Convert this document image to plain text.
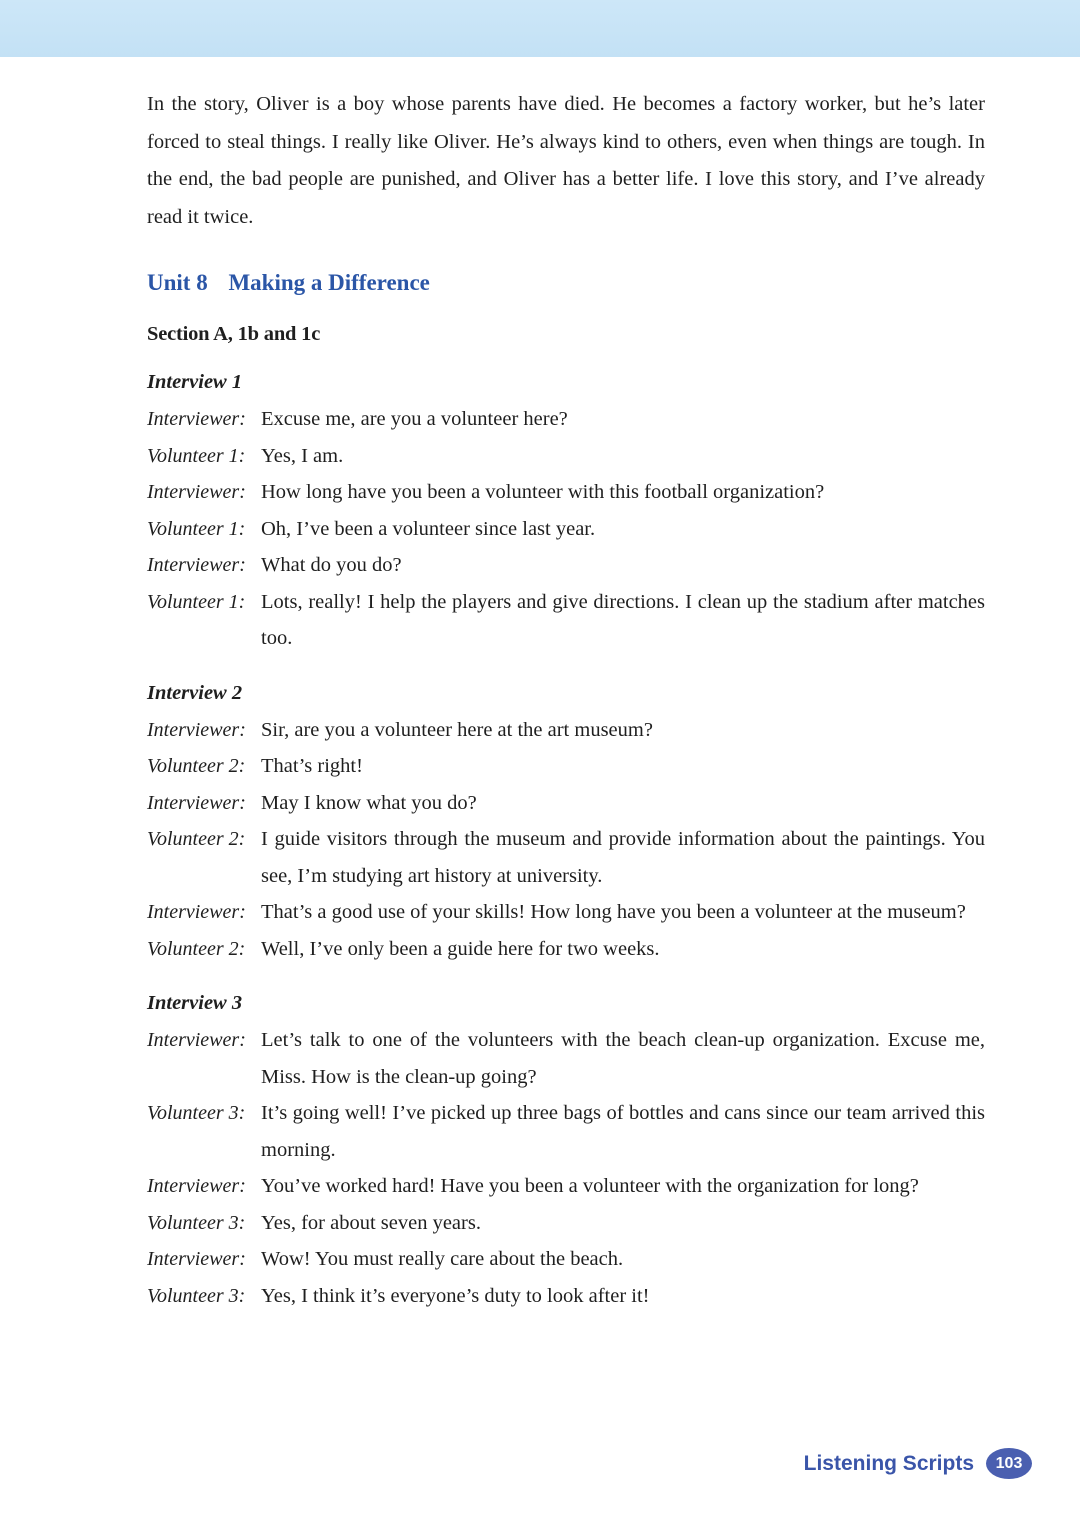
In the story, Oliver is a boy whose parents have died. He becomes a factory worker, but he’s later forced to steal things. I really like Oliver. He’s always kind to others, even when things are tough. In the end, the bad people are punished, and Oliver has a better life. I love this story, and I’ve already read it twice.

Unit 8 Making a Difference
Section A, 1b and 1c
Interview 1
Interviewer: Excuse me, are you a volunteer here?
Volunteer 1: Yes, I am.
Interviewer: How long have you been a volunteer with this football organization?
Volunteer 1: Oh, I’ve been a volunteer since last year.
Interviewer: What do you do?
Volunteer 1: Lots, really! I help the players and give directions. I clean up the stadium after matches too.
Interview 2
Interviewer: Sir, are you a volunteer here at the art museum?
Volunteer 2: That’s right!
Interviewer: May I know what you do?
Volunteer 2: I guide visitors through the museum and provide information about the paintings. You see, I’m studying art history at university.
Interviewer: That’s a good use of your skills! How long have you been a volunteer at the museum?
Volunteer 2: Well, I’ve only been a guide here for two weeks.
Interview 3
Interviewer: Let’s talk to one of the volunteers with the beach clean-up organization. Excuse me, Miss. How is the clean-up going?
Volunteer 3: It’s going well! I’ve picked up three bags of bottles and cans since our team arrived this morning.
Interviewer: You’ve worked hard! Have you been a volunteer with the organization for long?
Volunteer 3: Yes, for about seven years.
Interviewer: Wow! You must really care about the beach.
Volunteer 3: Yes, I think it’s everyone’s duty to look after it!
Listening Scripts	103
